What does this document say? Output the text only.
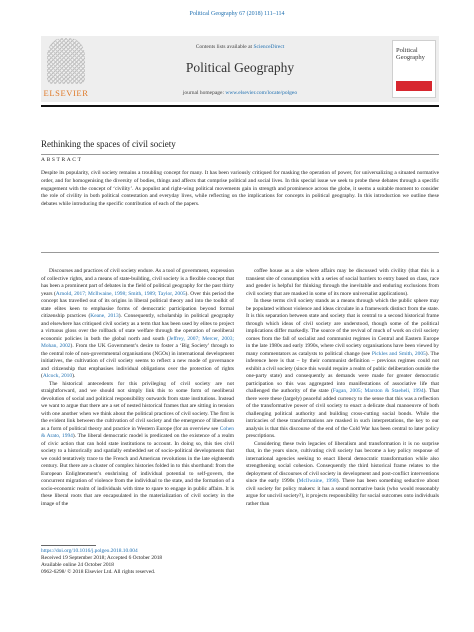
Political Geography 67 (2018) 111–114
ELSEVIER
Contents lists available at ScienceDirect
Political Geography
journal homepage: www.elsevier.com/locate/polgeo
Political Geography
Rethinking the spaces of civil society
ABSTRACT
Despite its popularity, civil society remains a troubling concept for many. It has been variously critiqued for masking the operation of power, for universalizing a situated normative order, and for homogenising the diversity of bodies, things and affects that comprise political and social lives. In this special issue we seek to probe these debates through a specific engagement with the concept of ‘civility’. As populist and right-wing political movements gain in strength and prominence across the globe, it seems a suitable moment to consider the role of civility in both political contestation and everyday lives, while reflecting on the implications for concepts in political geography. In this introduction we outline these debates while introducing the specific contribution of each of the papers.

Discourses and practices of civil society endure. As a tool of government, expression of collective rights, and a means of state-building, civil society is a flexible concept that has been a prominent part of debates in the field of political geography for the past thirty years (Arnold, 2017; McIlwaine, 1998; Smith, 1989; Taylor, 2005). Over this period the concept has travelled out of its origins in liberal political theory and into the toolkit of state elites keen to emphasise forms of democratic participation beyond formal citizenship practices (Keane, 2013). Consequently, scholarship in political geography and elsewhere has critiqued civil society as a term that has been used by elites to project a virtuous gloss over the rollback of state welfare through the operation of neoliberal economic policies in both the global north and south (Jeffrey, 2007; Mercer, 2003; Mohan, 2002). From the UK Government’s desire to foster a ‘Big Society’ through to the central role of non-governmental organisations (NGOs) in international development initiatives, the cultivation of civil society seems to reflect a new mode of governance and citizenship that emphasises individual obligations over the protection of rights (Alcock, 2010).

The historical antecedents for this privileging of civil society are not straightforward, and we should not simply link this to some form of neoliberal devolution of social and political responsibility outwards from state institutions. Instead we want to argue that there are a set of nested historical frames that are sitting in tension with one another when we think about the political practices of civil society. The first is the evident link between the cultivation of civil society and the emergence of liberalism as a form of political theory and practice in Western Europe (for an overview see Cohen & Arato, 1994). The liberal democratic model is predicated on the existence of a realm of civic action that can hold state institutions to account. In doing so, this ties civil society to a historically and spatially embedded set of socio-political developments that we could tentatively trace to the French and American revolutions in the late eighteenth century. But there are a cluster of complex histories folded in to this shorthand: from the European Enlightenment’s enshrining of individual potential to self-govern, the concurrent migration of violence from the individual to the state, and the formation of a socio-economic realm of individuals with time to spare to engage in public affairs. It is these liberal roots that are encapsulated in the materialization of civil society in the image of the

coffee house as a site where affairs may be discussed with civility (that this is a transient site of consumption with a series of social barriers to entry based on class, race and gender is helpful for thinking through the inevitable and enduring exclusions from civil society that are masked in some of its more universalist applications).

In these terms civil society stands as a means through which the public sphere may be populated without violence and ideas circulate in a framework distinct from the state. It is this separation between state and society that is central to a second historical frame through which ideas of civil society are understood, though some of the political implications differ markedly. The source of the revival of much of work on civil society comes from the fall of socialist and communist regimes in Central and Eastern Europe in the late 1980s and early 1990s, where civil society organisations have been viewed by many commentators as catalysts to political change (see Pickles and Smith, 2005). The inference here is that – by their communist definition – previous regimes could not exhibit a civil society (since this would require a realm of public deliberation outside the one-party state) and consequently as demands were made for greater democratic participation so this was aggregated into manifestations of associative life that challenged the authority of the state (Fagan, 2005; Marston & Staeheli, 1994). That there were these (largely) peaceful added currency to the sense that this was a reflection of the transformative power of civil society to enact a delicate dual manoeuvre of both challenging political authority and building cross-cutting social bonds. While the intricacies of these transformations are masked in such interpretations, the key to our analysis is that this discourse of the end of the Cold War has been central to later policy prescriptions.

Considering these twin legacies of liberalism and transformation it is no surprise that, in the years since, cultivating civil society has become a key policy response of international agencies seeking to enact liberal democratic transformation while also strengthening social cohesion. Consequently the third historical frame relates to the deployment of discourses of civil society in development and post-conflict interventions since the early 1990s (McIlwaine, 1998). There has been something seductive about civil society for policy makers: it has a sound normative basis (who would reasonably argue for uncivil society?), it projects responsibility for social outcomes onto individuals rather than

https://doi.org/10.1016/j.polgeo.2018.10.004
Received 19 September 2018; Accepted 6 October 2018
Available online 24 October 2018
0962-6298/ © 2018 Elsevier Ltd. All rights reserved.
